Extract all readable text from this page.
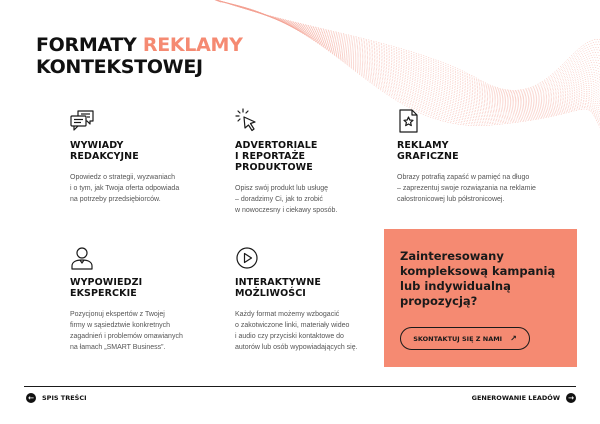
FORMATY REKLAMY
KONTEKSTOWEJ
WYWIADY
REDAKCYJNE

Opowiedz o strategii, wyzwaniach
i o tym, jak Twoja oferta odpowiada
na potrzeby przedsiębiorców.

ADVERTORIALE
I REPORTAŻE
PRODUKTOWE

Opisz swój produkt lub usługę
– doradzimy Ci, jak to zrobić
w nowoczesny i ciekawy sposób.

REKLAMY
GRAFICZNE

Obrazy potrafią zapaść w pamięć na długo
– zaprezentuj swoje rozwiązania na reklamie
całostronicowej lub półstronicowej.

WYPOWIEDZI
EKSPERCKIE

Pozycjonuj ekspertów z Twojej
firmy w sąsiedztwie konkretnych
zagadnień i problemów omawianych
na łamach „SMART Business”.

INTERAKTYWNE
MOŻLIWOŚCI

Każdy format możemy wzbogacić
o zakotwiczone linki, materiały wideo
i audio czy przyciski kontaktowe do
autorów lub osób wypowiadających się.

Zainteresowany
kompleksową kampanią
lub indywidualną
propozycją?
SKONTAKTUJ SIĘ Z NAMI ↗
←	SPIS TREŚCI	GENEROWANIE LEADÓW →
